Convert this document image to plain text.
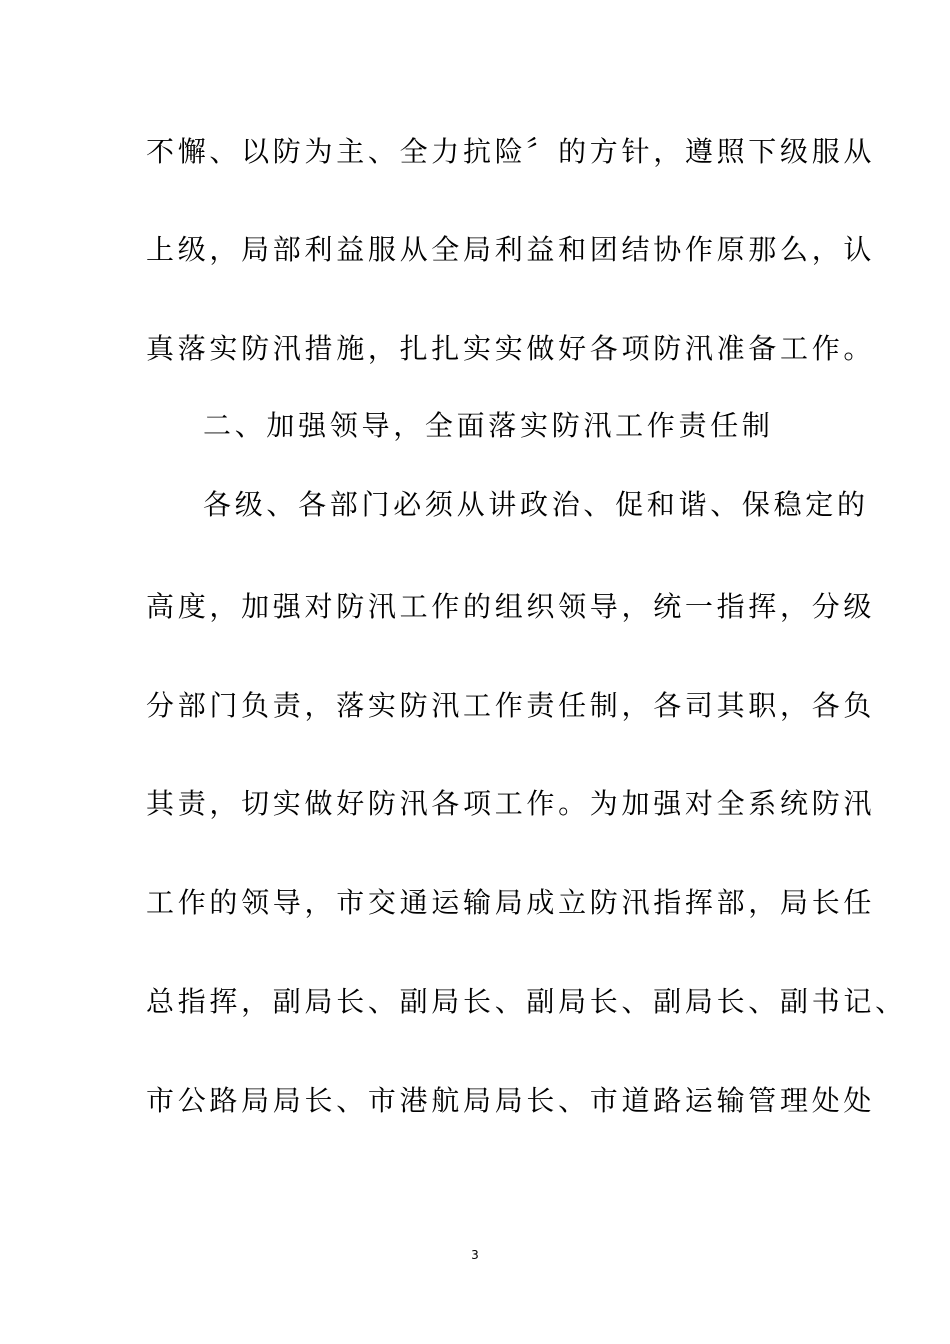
不懈、以防为主、全力抗险〞的方针，遵照下级服从
上级，局部利益服从全局利益和团结协作原那么，认
真落实防汛措施，扎扎实实做好各项防汛准备工作。
二、加强领导，全面落实防汛工作责任制
各级、各部门必须从讲政治、促和谐、保稳定的
高度，加强对防汛工作的组织领导，统一指挥，分级
分部门负责，落实防汛工作责任制，各司其职，各负
其责，切实做好防汛各项工作。为加强对全系统防汛
工作的领导，市交通运输局成立防汛指挥部，局长任
总指挥，副局长、副局长、副局长、副局长、副书记、
市公路局局长、市港航局局长、市道路运输管理处处
3
